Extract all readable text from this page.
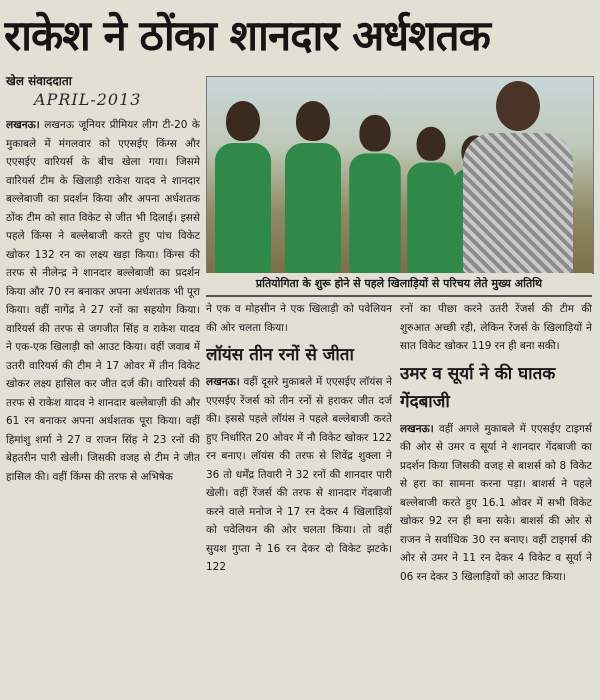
राकेश ने ठोंका शानदार अर्धशतक
खेल संवाददाता
APRIL-2013
प्रतियोगिता के शुरू होने से पहले खिलाड़ियों से परिचय लेते मुख्य अतिथि

लखनऊ। लखनऊ जूनियर प्रीमियर लीग टी-20 के मुकाबले में मंगलवार को एएसईए किंग्स और एएसईए वारियर्स के बीच खेला गया। जिसमे वारियर्स टीम के खिलाड़ी राकेश यादव ने शानदार बल्लेबाजी का प्रदर्शन किया और अपना अर्धशतक ठोंक टीम को सात विकेट से जीत भी दिलाई। इससे पहले किंग्स ने बल्लेबाजी करते हुए पांच विकेट खोकर 132 रन का लक्ष्य खड़ा किया। किंग्स की तरफ से नीलेन्द्र ने शानदार बल्लेबाजी का प्रदर्शन किया और 70 रन बनाकर अपना अर्धशतक भी पूरा किया। वहीं नागेंद्र ने 27 रनों का सहयोग किया। वारियर्स की तरफ से जगजीत सिंह व राकेश यादव ने एक-एक खिलाड़ी को आउट किया। वहीं जवाब में उतरी वारियर्स की टीम ने 17 ओवर में तीन विकेट खोकर लक्ष्य हासिल कर जीत दर्ज की। वारियर्स की तरफ से राकेश यादव ने शानदार बल्लेबाज़ी की और 61 रन बनाकर अपना अर्धशतक पूरा किया। वहीं हिमांशु शर्मा ने 27 व राजन सिंह ने 23 रनों की बेहतरीन पारी खेली। जिसकी वजह से टीम ने जीत हासिल की। वहीं किंग्स की तरफ से अभिषेक

ने एक व मोहसीन ने एक खिलाड़ी को पवेलियन की ओर चलता किया।

लॉयंस तीन रनों से जीता

लखनऊ। वहीं दूसरे मुकाबले में एएसईए लॉयंस ने एएसईए रेंजर्स को तीन रनों से हराकर जीत दर्ज की। इससे पहले लॉयंस ने पहले बल्लेबाजी करते हुए निर्धारित 20 ओवर में नौ विकेट खोकर 122 रन बनाए। लॉयंस की तरफ से शिवेंद्र शुक्ला ने 36 तो धर्मेंद्र तिवारी ने 32 रनों की शानदार पारी खेली। वहीं रेंजर्स की तरफ से शानदार गेंदबाजी करने वाले मनोज ने 17 रन देकर 4 खिलाड़ियों को पवेलियन की ओर चलता किया। तो वहीं सुयश गुप्ता ने 16 रन देकर दो विकेट झटके। 122

रनों का पीछा करने उतरी रेंजर्स की टीम की शुरुआत अच्छी रही, लेकिन रेंजर्स के खिलाड़ियों ने सात विकेट खोकर 119 रन ही बना सकी।

उमर व सूर्या ने की घातक गेंदबाजी

लखनऊ। वहीं अगले मुकाबले में एएसईए टाइगर्स की ओर से उमर व सूर्या ने शानदार गेंदबाजी का प्रदर्शन किया जिसकी वजह से बाशर्स को 8 विकेट से हरा का सामना करना पड़ा। बाशर्स ने पहले बल्लेबाजी करते हुए 16.1 ओवर में सभी विकेट खोकर 92 रन ही बना सके। बाशर्स की ओर से राजन ने सर्वाधिक 30 रन बनाए। वहीं टाइगर्स की ओर से उमर ने 11 रन देकर 4 विकेट व सूर्या ने 06 रन देकर 3 खिलाड़ियों को आउट किया।
